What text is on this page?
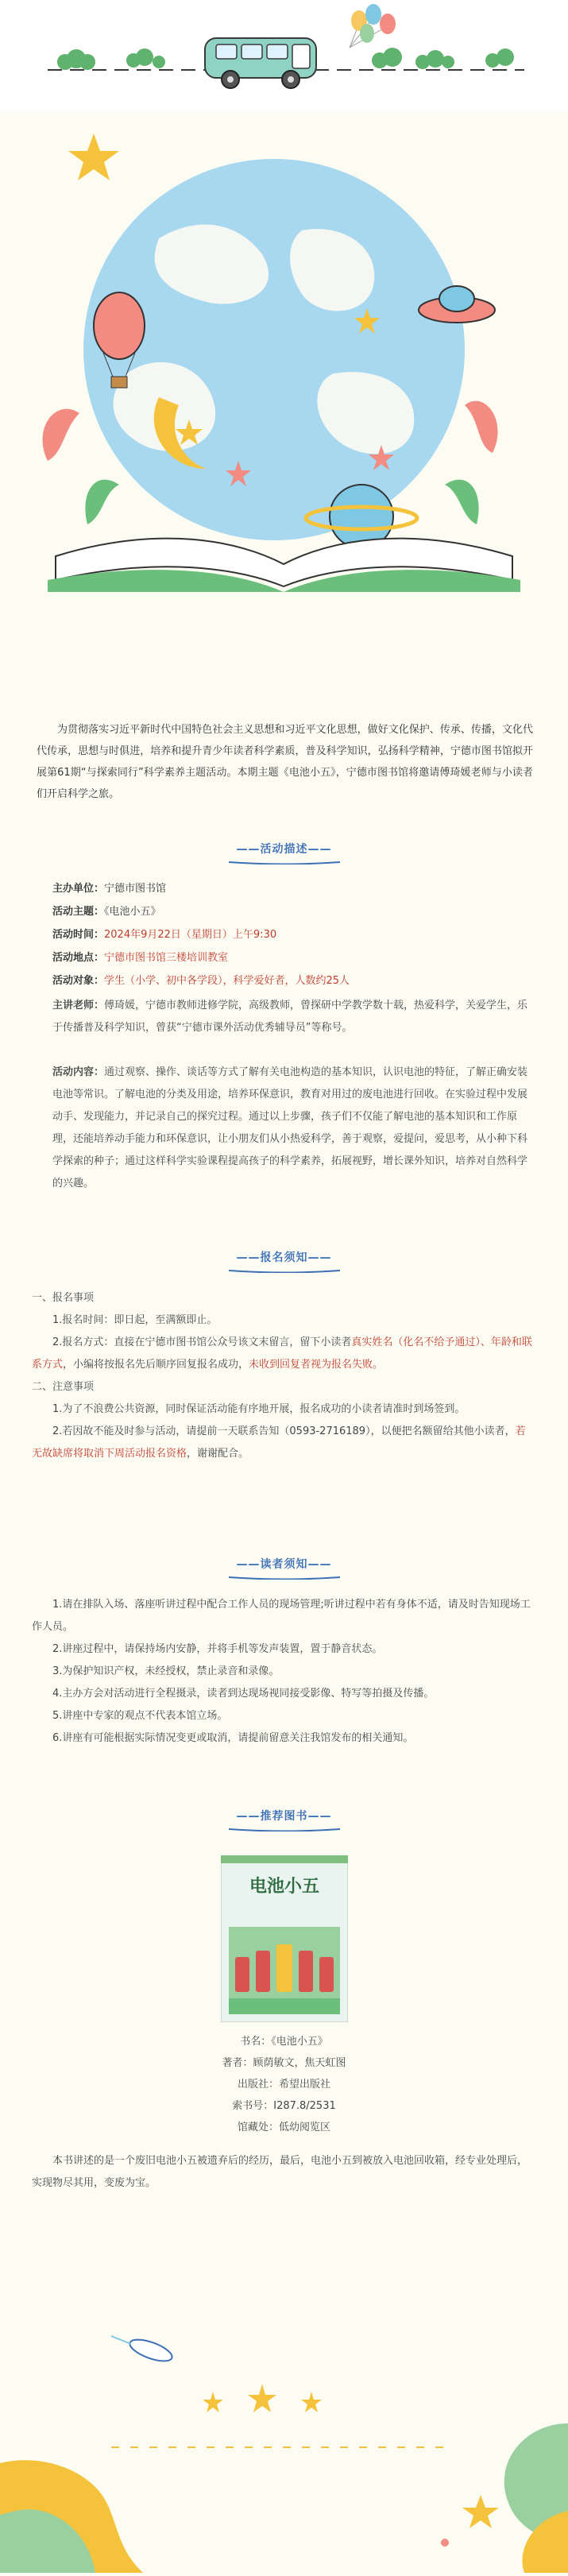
为贯彻落实习近平新时代中国特色社会主义思想和习近平文化思想，做好文化保护、传承、传播，文化代代传承，思想与时俱进，培养和提升青少年读者科学素质，普及科学知识，弘扬科学精神，宁德市图书馆拟开展第61期“与探索同行”科学素养主题活动。本期主题《电池小五》，宁德市图书馆将邀请傅琦媛老师与小读者们开启科学之旅。

——活动描述——
主办单位：宁德市图书馆
活动主题：《电池小五》
活动时间：2024年9月22日（星期日）上午9:30
活动地点：宁德市图书馆三楼培训教室
活动对象：学生（小学、初中各学段），科学爱好者，人数约25人

主讲老师：傅琦媛，宁德市教师进修学院，高级教师，曾探研中学教学数十载，热爱科学，关爱学生，乐于传播普及科学知识，曾获“宁德市课外活动优秀辅导员”等称号。

活动内容：通过观察、操作、谈话等方式了解有关电池构造的基本知识，认识电池的特征，了解正确安装电池等常识。了解电池的分类及用途，培养环保意识，教育对用过的废电池进行回收。在实验过程中发展动手、发现能力，并记录自己的探究过程。通过以上步骤，孩子们不仅能了解电池的基本知识和工作原理，还能培养动手能力和环保意识，让小朋友们从小热爱科学，善于观察，爱提问，爱思考，从小种下科学探索的种子；通过这样科学实验课程提高孩子的科学素养，拓展视野，增长课外知识，培养对自然科学的兴趣。

——报名须知——

一、报名事项

1.报名时间：即日起，至满额即止。

2.报名方式：直接在宁德市图书馆公众号该文末留言，留下小读者真实姓名（化名不给予通过）、年龄和联系方式，小编将按报名先后顺序回复报名成功，未收到回复者视为报名失败。

二、注意事项

1.为了不浪费公共资源，同时保证活动能有序地开展，报名成功的小读者请准时到场签到。

2.若因故不能及时参与活动，请提前一天联系告知（0593-2716189），以便把名额留给其他小读者，若无故缺席将取消下周活动报名资格，谢谢配合。

——读者须知——

1.请在排队入场、落座听讲过程中配合工作人员的现场管理;听讲过程中若有身体不适，请及时告知现场工作人员。

2.讲座过程中，请保持场内安静，并将手机等发声装置，置于静音状态。

3.为保护知识产权，未经授权，禁止录音和录像。

4.主办方会对活动进行全程摄录，读者到达现场视同接受影像、特写等拍摄及传播。

5.讲座中专家的观点不代表本馆立场。

6.讲座有可能根据实际情况变更或取消，请提前留意关注我馆发布的相关通知。

——推荐图书——
电池小五
书名：《电池小五》
著者：顾荫敏文，焦天虹图
出版社：希望出版社
索书号：I287.8/2531
馆藏处：低幼阅览区

本书讲述的是一个废旧电池小五被遗弃后的经历，最后，电池小五到被放入电池回收箱，经专业处理后，实现物尽其用，变废为宝。
